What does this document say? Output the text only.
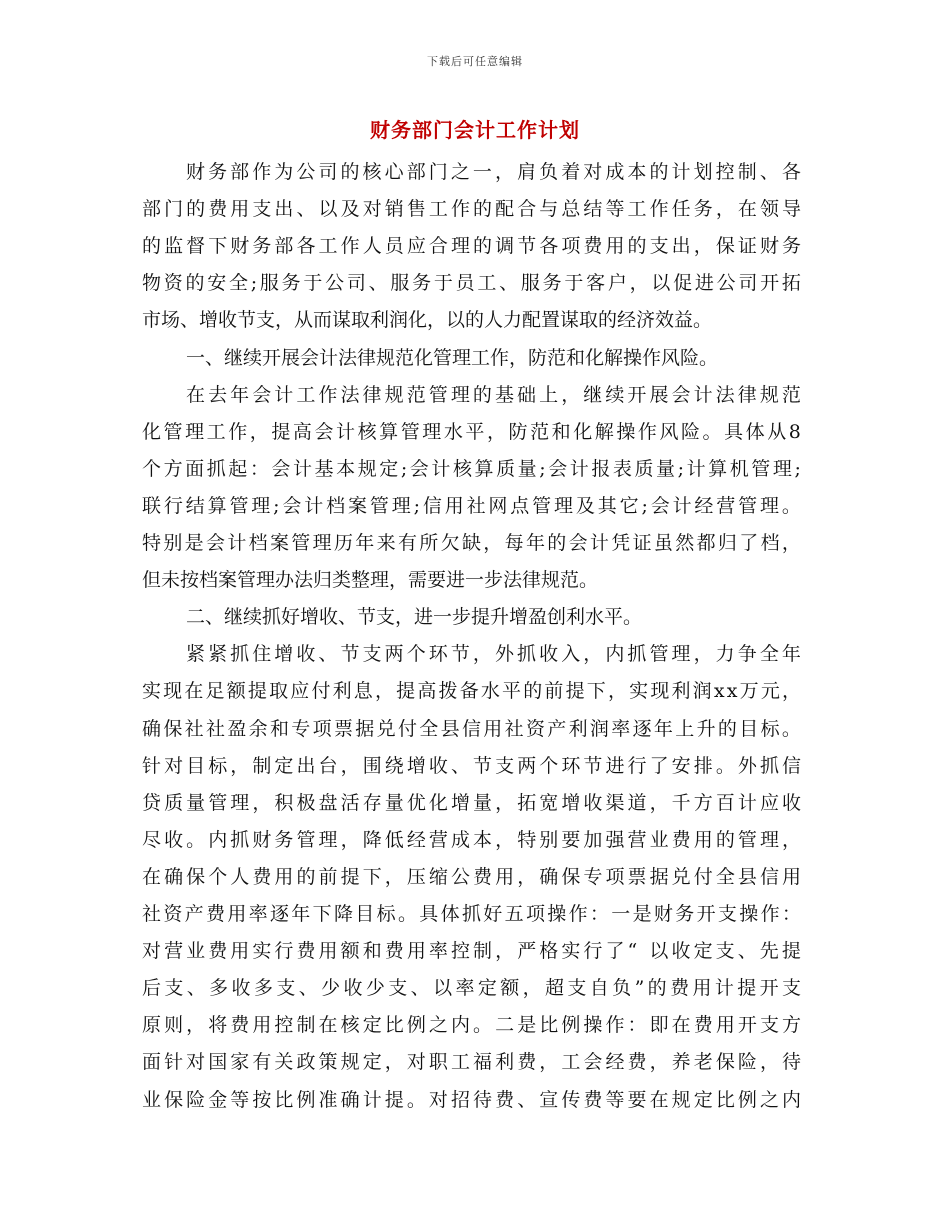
下载后可任意编辑
财务部门会计工作计划
财务部作为公司的核心部门之一，肩负着对成本的计划控制、各
部门的费用支出、以及对销售工作的配合与总结等工作任务，在领导
的监督下财务部各工作人员应合理的调节各项费用的支出，保证财务
物资的安全;服务于公司、服务于员工、服务于客户，以促进公司开拓
市场、增收节支，从而谋取利润化，以的人力配置谋取的经济效益。
一、继续开展会计法律规范化管理工作，防范和化解操作风险。
在去年会计工作法律规范管理的基础上，继续开展会计法律规范
化管理工作，提高会计核算管理水平，防范和化解操作风险。具体从8
个方面抓起：会计基本规定;会计核算质量;会计报表质量;计算机管理;
联行结算管理;会计档案管理;信用社网点管理及其它;会计经营管理。
特别是会计档案管理历年来有所欠缺，每年的会计凭证虽然都归了档，
但未按档案管理办法归类整理，需要进一步法律规范。
二、继续抓好增收、节支，进一步提升增盈创利水平。
紧紧抓住增收、节支两个环节，外抓收入，内抓管理，力争全年
实现在足额提取应付利息，提高拨备水平的前提下，实现利润xx万元，
确保社社盈余和专项票据兑付全县信用社资产利润率逐年上升的目标。
针对目标，制定出台，围绕增收、节支两个环节进行了安排。外抓信
贷质量管理，积极盘活存量优化增量，拓宽增收渠道，千方百计应收
尽收。内抓财务管理，降低经营成本，特别要加强营业费用的管理，
在确保个人费用的前提下，压缩公费用，确保专项票据兑付全县信用
社资产费用率逐年下降目标。具体抓好五项操作：一是财务开支操作：
对营业费用实行费用额和费用率控制，严格实行了“ 以收定支、先提
后支、多收多支、少收少支、以率定额，超支自负”的费用计提开支
原则，将费用控制在核定比例之内。二是比例操作：即在费用开支方
面针对国家有关政策规定，对职工福利费，工会经费，养老保险，待
业保险金等按比例准确计提。对招待费、宣传费等要在规定比例之内
